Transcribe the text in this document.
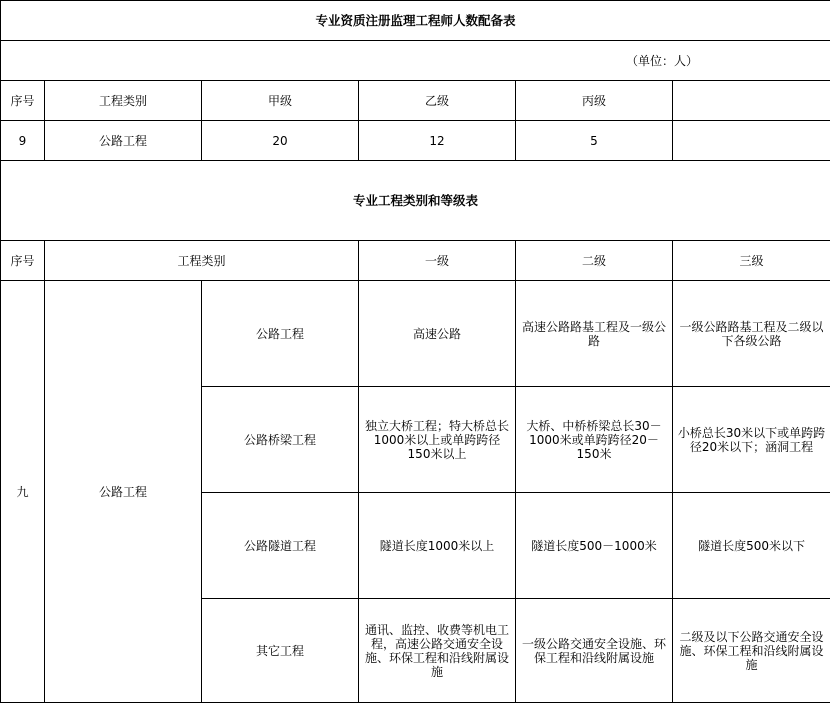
专业资质注册监理工程师人数配备表					
（单位：人）					
序号	工程类别	甲级	乙级	丙级	
9	公路工程	20	12	5	
专业工程类别和等级表					
序号	工程类别		一级	二级	三级
九	公路工程	公路工程	高速公路	高速公路路基工程及一级公路	一级公路路基工程及二级以下各级公路
		公路桥梁工程	独立大桥工程；特大桥总长1000米以上或单跨跨径150米以上	大桥、中桥桥梁总长30－1000米或单跨跨径20－150米	小桥总长30米以下或单跨跨径20米以下；涵洞工程
		公路隧道工程	隧道长度1000米以上	隧道长度500－1000米	隧道长度500米以下
		其它工程	通讯、监控、收费等机电工程，高速公路交通安全设施、环保工程和沿线附属设施	一级公路交通安全设施、环保工程和沿线附属设施	二级及以下公路交通安全设施、环保工程和沿线附属设施
